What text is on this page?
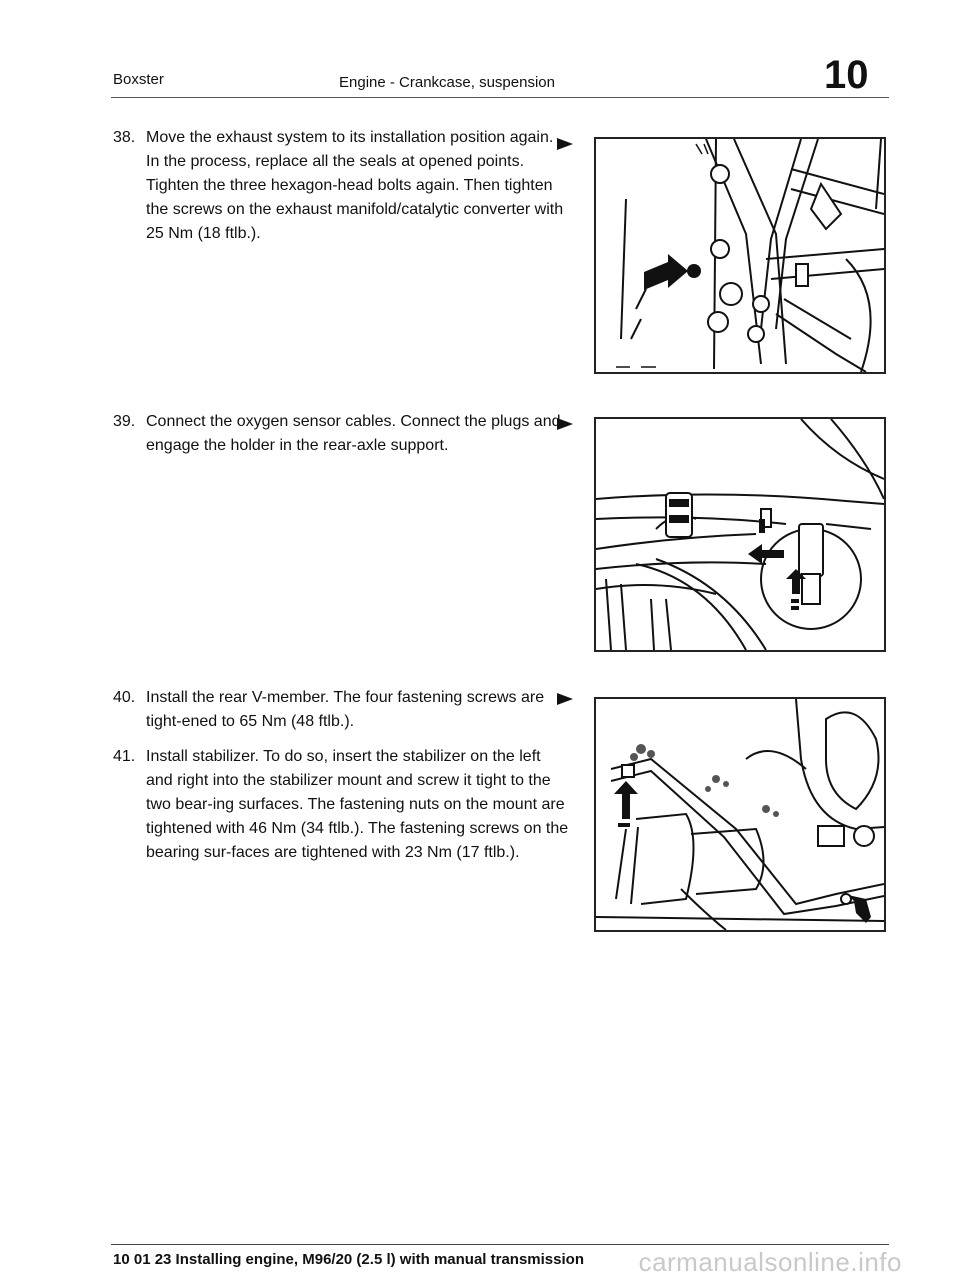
Boxster	Engine - Crankcase, suspension	10
38. Move the exhaust system to its installation position again. In the process, replace all the seals at opened points. Tighten the three hexagon-head bolts again. Then tighten the screws on the exhaust manifold/catalytic converter with 25 Nm (18 ftlb.).
39. Connect the oxygen sensor cables. Connect the plugs and engage the holder in the rear-axle support.
40. Install the rear V-member. The four fastening screws are tight-ened to 65 Nm (48 ftlb.).
41. Install stabilizer. To do so, insert the stabilizer on the left and right into the stabilizer mount and screw it tight to the two bear-ing surfaces. The fastening nuts on the mount are tightened with 46 Nm (34 ftlb.). The fastening screws on the bearing sur-faces are tightened with 23 Nm (17 ftlb.).
10 01 23 Installing engine, M96/20 (2.5 l) with manual transmission carmanualsonline.info
